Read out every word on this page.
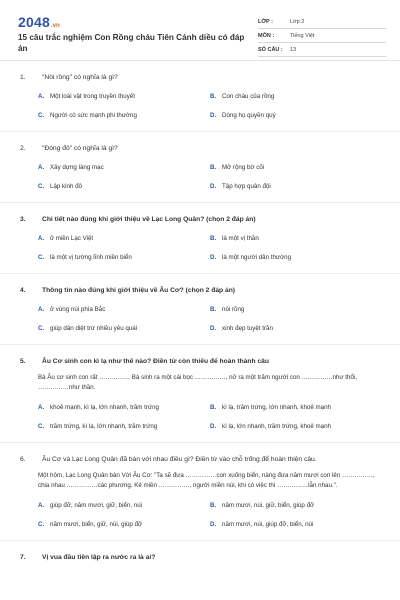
2048 .vn
15 câu trắc nghiệm Con Rồng cháu Tiên Cánh diều có đáp án
LỚP :	Lớp 2
MÔN :	Tiếng Việt
SỐ CÂU :	13
1. "Nòi rồng" có nghĩa là gì?
A. Một loài vật trong truyền thuyết	B. Con cháu của rồng
C. Người có sức mạnh phi thường	D. Dòng họ quyền quý
2. "Đóng đô" có nghĩa là gì?
A. Xây dựng làng mạc	B. Mở rộng bờ cõi
C. Lập kinh đô	D. Tập hợp quân đội
3. Chi tiết nào đúng khi giới thiệu về Lạc Long Quân? (chọn 2 đáp án)
A. ở miền Lạc Việt	B. là một vị thần
C. là một vị tướng lĩnh miền biển	D. là một người dân thường
4. Thông tin nào đúng khi giới thiệu về Âu Cơ? (chọn 2 đáp án)
A. ở vùng núi phía Bắc	B. nòi rồng
C. giúp dân diệt trừ nhiều yêu quái	D. xinh đẹp tuyệt trần
5. Âu Cơ sinh con kì lạ như thế nào? Điền từ còn thiếu để hoàn thành câu
Bà Âu cơ sinh con rất …………… Bà sinh ra một cái bọc ……………, nở ra một trăm người con ……………như thổi, ……………như thần.
A. khoẻ mạnh, kì lạ, lớn nhanh, trăm trứng	B. kì lạ, trăm trứng, lớn nhanh, khoẻ mạnh
C. trăm trứng, kì lạ, lớn nhanh, trăm trứng	D. kì lạ, lớn nhanh, trăm trứng, khoẻ mạnh
6. Âu Cơ và Lạc Long Quân đã bàn với nhau điều gì? Điền từ vào chỗ trống để hoàn thiện câu.
Một hôm, Lạc Long Quân bàn Với Âu Cơ: "Ta sẽ đưa ……………con xuống biển, nàng đưa năm mươi con lên ……………, chia nhau ……………các phương. Kẻ miền ……………, người miền núi, khi có việc thì ……………lẫn nhau.".
A. giúp đỡ, năm mươi, giữ, biển, núi	B. năm mươi, núi, giữ, biển, giúp đỡ
C. năm mươi, biển, giữ, núi, giúp đỡ	D. năm mươi, núi, giúp đỡ, biển, núi
7. Vị vua đầu tiên lập ra nước ra là ai?
